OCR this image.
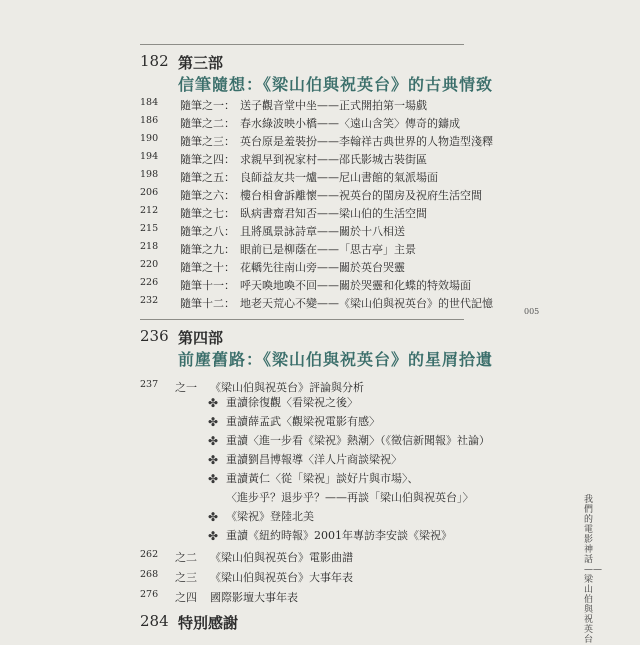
182 第三部
信筆隨想：《梁山伯與祝英台》的古典情致
184	隨筆之一： 送子觀音堂中坐——正式開拍第一場戲
186	隨筆之二： 春水綠波映小橋——〈遠山含笑〉傳奇的鑄成
190	隨筆之三： 英台原是羞裝扮——李翰祥古典世界的人物造型淺釋
194	隨筆之四： 求親早到祝家村——邵氏影城古裝街區
198	隨筆之五： 良師益友共一爐——尼山書館的氣派場面
206	隨筆之六： 樓台相會訴離懷——祝英台的閨房及祝府生活空間
212	隨筆之七： 臥病書齋君知否——梁山伯的生活空間
215	隨筆之八： 且將風景詠詩章——關於十八相送
218	隨筆之九： 眼前已是柳蔭在——「思古亭」主景
220	隨筆之十： 花轎先往南山旁——關於英台哭靈
226	隨筆十一： 呼天喚地喚不回——關於哭靈和化蝶的特效場面
232	隨筆十二： 地老天荒心不變——《梁山伯與祝英台》的世代記憶
005
236 第四部
前塵舊路：《梁山伯與祝英台》的星屑拾遺
237	之一 《梁山伯與祝英台》評論與分析
✤ 重讀徐復觀〈看梁祝之後〉
✤ 重讀薛孟武〈觀梁祝電影有感〉
✤ 重讀〈進一步看《梁祝》熱潮〉（《徵信新聞報》社論）
✤ 重讀劉昌博報導〈洋人片商談梁祝〉
✤ 重讀黃仁〈從「梁祝」談好片與市場〉、
〈進步乎？退步乎？——再談「梁山伯與祝英台」〉
✤ 《梁祝》登陸北美
✤ 重讀《紐約時報》2001年專訪李安談《梁祝》
262	之二 《梁山伯與祝英台》電影曲譜
268	之三 《梁山伯與祝英台》大事年表
276	之四 國際影壇大事年表
284 特別感謝
我們的電影神話——梁山伯與祝英台
